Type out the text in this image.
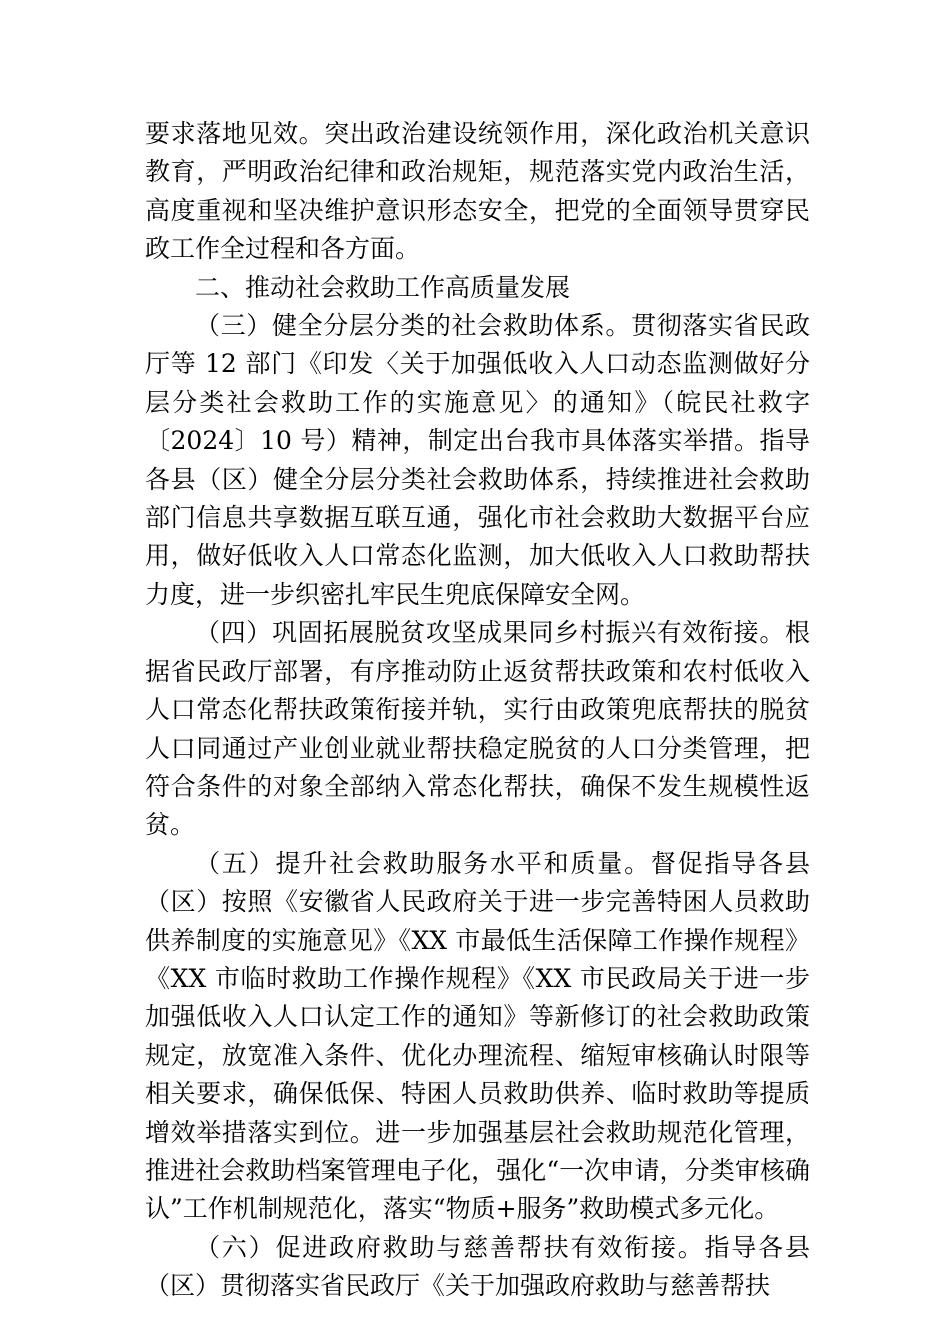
要求落地见效。突出政治建设统领作用，深化政治机关意识教育，严明政治纪律和政治规矩，规范落实党内政治生活，高度重视和坚决维护意识形态安全，把党的全面领导贯穿民政工作全过程和各方面。

二、推动社会救助工作高质量发展

（三）健全分层分类的社会救助体系。贯彻落实省民政厅等 12 部门《印发〈关于加强低收入人口动态监测做好分层分类社会救助工作的实施意见〉的通知》（皖民社救字〔2024〕10 号）精神，制定出台我市具体落实举措。指导各县（区）健全分层分类社会救助体系，持续推进社会救助部门信息共享数据互联互通，强化市社会救助大数据平台应用，做好低收入人口常态化监测，加大低收入人口救助帮扶力度，进一步织密扎牢民生兜底保障安全网。

（四）巩固拓展脱贫攻坚成果同乡村振兴有效衔接。根据省民政厅部署，有序推动防止返贫帮扶政策和农村低收入人口常态化帮扶政策衔接并轨，实行由政策兜底帮扶的脱贫人口同通过产业创业就业帮扶稳定脱贫的人口分类管理，把符合条件的对象全部纳入常态化帮扶，确保不发生规模性返贫。

（五）提升社会救助服务水平和质量。督促指导各县（区）按照《安徽省人民政府关于进一步完善特困人员救助供养制度的实施意见》《XX 市最低生活保障工作操作规程》《XX 市临时救助工作操作规程》《XX 市民政局关于进一步加强低收入人口认定工作的通知》等新修订的社会救助政策规定，放宽准入条件、优化办理流程、缩短审核确认时限等相关要求，确保低保、特困人员救助供养、临时救助等提质增效举措落实到位。进一步加强基层社会救助规范化管理，推进社会救助档案管理电子化，强化“一次申请，分类审核确认”工作机制规范化，落实“物质+服务”救助模式多元化。

（六）促进政府救助与慈善帮扶有效衔接。指导各县（区）贯彻落实省民政厅《关于加强政府救助与慈善帮扶
